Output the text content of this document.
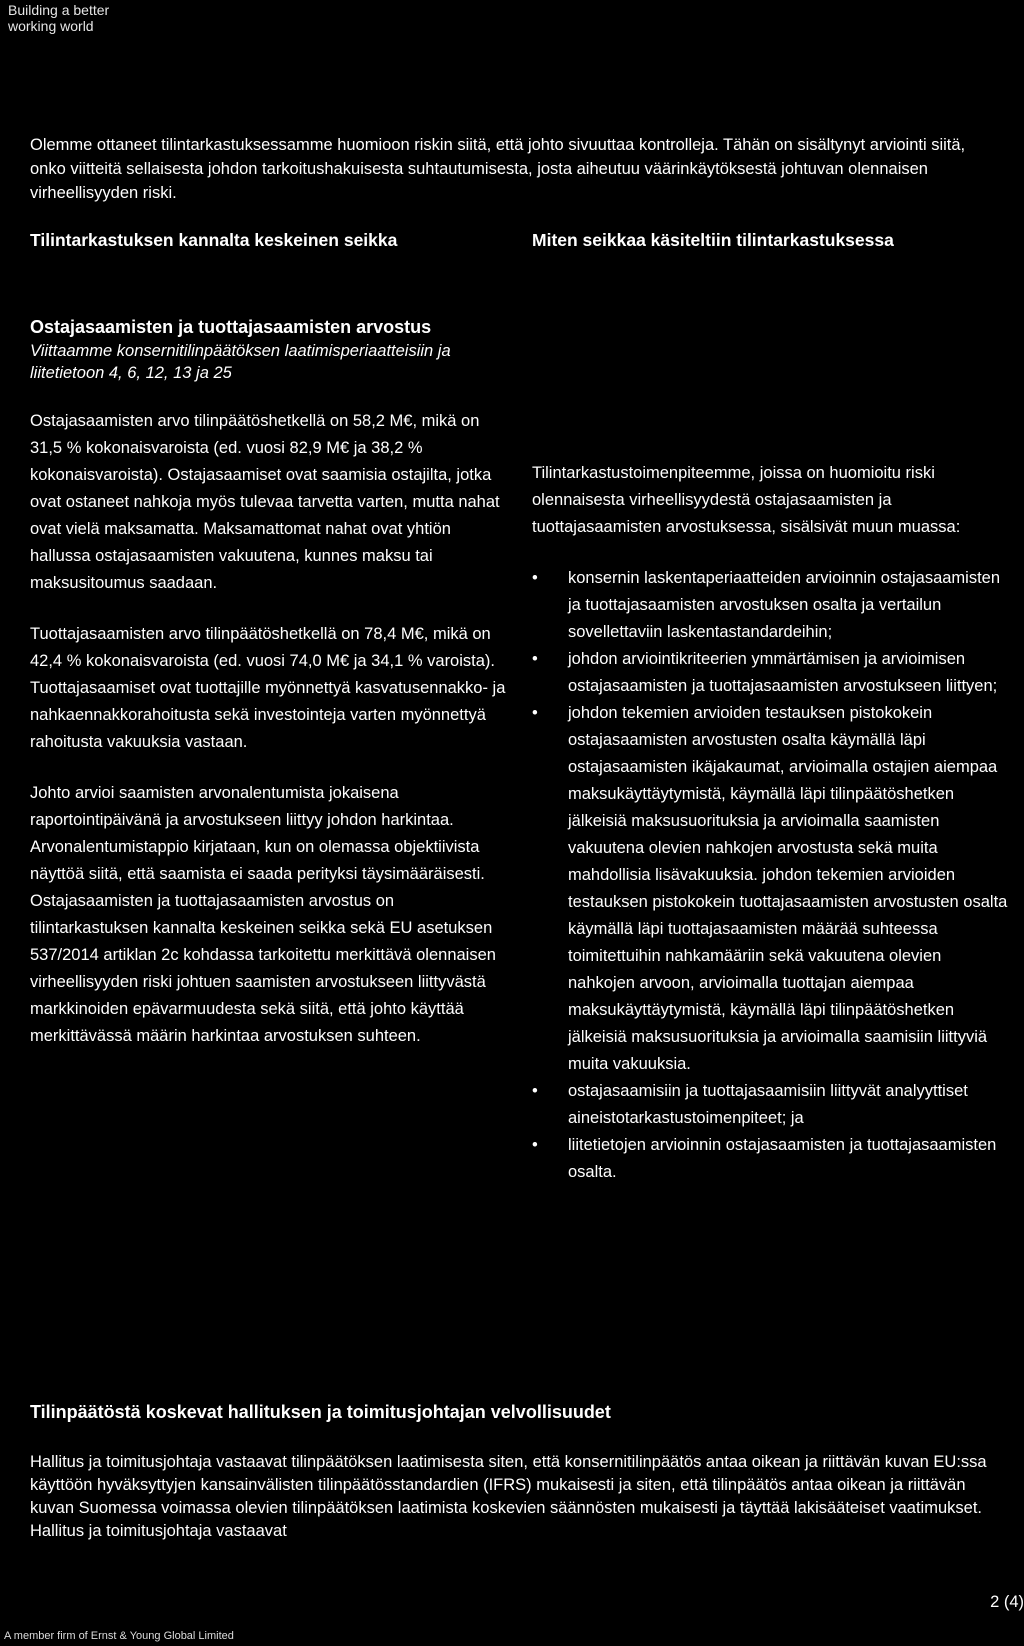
Building a better
working world

Olemme ottaneet tilintarkastuksessamme huomioon riskin siitä, että johto sivuuttaa kontrolleja. Tähän on sisältynyt arviointi siitä, onko viitteitä sellaisesta johdon tarkoitushakuisesta suhtautumisesta, josta aiheutuu väärinkäytöksestä johtuvan olennaisen virheellisyyden riski.

Tilintarkastuksen kannalta keskeinen seikka	Miten seikkaa käsiteltiin tilintarkastuksessa

Ostajasaamisten ja tuottajasaamisten arvostus

Viittaamme konsernitilinpäätöksen laatimisperiaatteisiin ja liitetietoon 4, 6, 12, 13 ja 25

Ostajasaamisten arvo tilinpäätöshetkellä on 58,2 M€, mikä on 31,5 % kokonaisvaroista (ed. vuosi 82,9 M€ ja 38,2 % kokonaisvaroista). Ostajasaamiset ovat saamisia ostajilta, jotka ovat ostaneet nahkoja myös tulevaa tarvetta varten, mutta nahat ovat vielä maksamatta. Maksamattomat nahat ovat yhtiön hallussa ostajasaamisten vakuutena, kunnes maksu tai maksusitoumus saadaan.

Tuottajasaamisten arvo tilinpäätöshetkellä on 78,4 M€, mikä on 42,4 % kokonaisvaroista (ed. vuosi 74,0 M€ ja 34,1 % varoista). Tuottajasaamiset ovat tuottajille myönnettyä kasvatusennakko- ja nahkaennakkorahoitusta sekä investointeja varten myönnettyä rahoitusta vakuuksia vastaan.

Johto arvioi saamisten arvonalentumista jokaisena raportointipäivänä ja arvostukseen liittyy johdon harkintaa. Arvonalentumistappio kirjataan, kun on olemassa objektiivista näyttöä siitä, että saamista ei saada perityksi täysimääräisesti. Ostajasaamisten ja tuottajasaamisten arvostus on tilintarkastuksen kannalta keskeinen seikka sekä EU asetuksen 537/2014 artiklan 2c kohdassa tarkoitettu merkittävä olennaisen virheellisyyden riski johtuen saamisten arvostukseen liittyvästä markkinoiden epävarmuudesta sekä siitä, että johto käyttää merkittävässä määrin harkintaa arvostuksen suhteen.

Tilintarkastustoimenpiteemme, joissa on huomioitu riski olennaisesta virheellisyydestä ostajasaamisten ja tuottajasaamisten arvostuksessa, sisälsivät muun muassa:

• konsernin laskentaperiaatteiden arvioinnin ostajasaamisten ja tuottajasaamisten arvostuksen osalta ja vertailun sovellettaviin laskentastandardeihin;
• johdon arviointikriteerien ymmärtämisen ja arvioimisen ostajasaamisten ja tuottajasaamisten arvostukseen liittyen;
• johdon tekemien arvioiden testauksen pistokokein ostajasaamisten arvostusten osalta käymällä läpi ostajasaamisten ikäjakaumat, arvioimalla ostajien aiempaa maksukäyttäytymistä, käymällä läpi tilinpäätöshetken jälkeisiä maksusuorituksia ja arvioimalla saamisten vakuutena olevien nahkojen arvostusta sekä muita mahdollisia lisävakuuksia. johdon tekemien arvioiden testauksen pistokokein tuottajasaamisten arvostusten osalta käymällä läpi tuottajasaamisten määrää suhteessa toimitettuihin nahkamääriin sekä vakuutena olevien nahkojen arvoon, arvioimalla tuottajan aiempaa maksukäyttäytymistä, käymällä läpi tilinpäätöshetken jälkeisiä maksusuorituksia ja arvioimalla saamisiin liittyviä muita vakuuksia.
• ostajasaamisiin ja tuottajasaamisiin liittyvät analyyttiset aineistotarkastustoimenpiteet; ja
• liitetietojen arvioinnin ostajasaamisten ja tuottajasaamisten osalta.
Tilinpäätöstä koskevat hallituksen ja toimitusjohtajan velvollisuudet

Hallitus ja toimitusjohtaja vastaavat tilinpäätöksen laatimisesta siten, että konsernitilinpäätös antaa oikean ja riittävän kuvan EU:ssa käyttöön hyväksyttyjen kansainvälisten tilinpäätösstandardien (IFRS) mukaisesti ja siten, että tilinpäätös antaa oikean ja riittävän kuvan Suomessa voimassa olevien tilinpäätöksen laatimista koskevien säännösten mukaisesti ja täyttää lakisääteiset vaatimukset. Hallitus ja toimitusjohtaja vastaavat

2 (4)
A member firm of Ernst & Young Global Limited
